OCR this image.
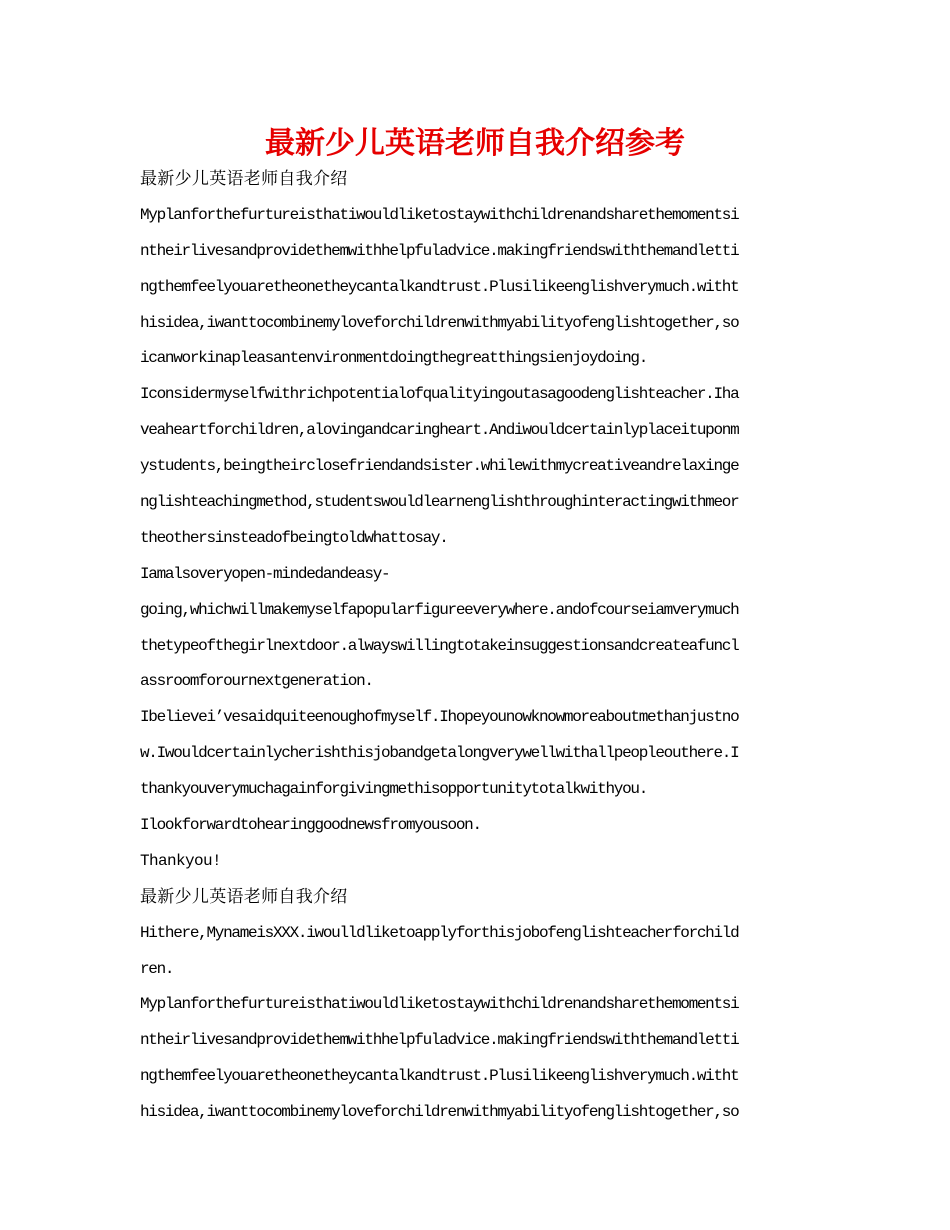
最新少儿英语老师自我介绍参考
最新少儿英语老师自我介绍
Myplanforthefurtureisthatiwouldliketostaywithchildrenandsharethemomentsi
ntheirlivesandprovidethemwithhelpfuladvice.makingfriendswiththemandletti
ngthemfeelyouaretheonetheycantalkandtrust.Plusilikeenglishverymuch.witht
hisidea,iwanttocombinemyloveforchildrenwithmyabilityofenglishtogether,so
icanworkinapleasantenvironmentdoingthegreatthingsienjoydoing.
Iconsidermyselfwithrichpotentialofqualityingoutasagoodenglishteacher.Iha
veaheartforchildren,alovingandcaringheart.Andiwouldcertainlyplaceituponm
ystudents,beingtheirclosefriendandsister.whilewithmycreativeandrelaxinge
nglishteachingmethod,studentswouldlearnenglishthroughinteractingwithmeor
theothersinsteadofbeingtoldwhattosay.
Iamalsoveryopen-mindedandeasy-
going,whichwillmakemyselfapopularfigureeverywhere.andofcourseiamverymuch
thetypeofthegirlnextdoor.alwayswillingtotakeinsuggestionsandcreateafuncl
assroomforournextgeneration.
Ibelievei’vesaidquiteenoughofmyself.Ihopeyounowknowmoreaboutmethanjustno
w.Iwouldcertainlycherishthisjobandgetalongverywellwithallpeopleouthere.I
thankyouverymuchagainforgivingmethisopportunitytotalkwithyou.
Ilookforwardtohearinggoodnewsfromyousoon.
Thankyou!
最新少儿英语老师自我介绍
Hithere,MynameisXXX.iwoulldliketoapplyforthisjobofenglishteacherforchild
ren.
Myplanforthefurtureisthatiwouldliketostaywithchildrenandsharethemomentsi
ntheirlivesandprovidethemwithhelpfuladvice.makingfriendswiththemandletti
ngthemfeelyouaretheonetheycantalkandtrust.Plusilikeenglishverymuch.witht
hisidea,iwanttocombinemyloveforchildrenwithmyabilityofenglishtogether,so
